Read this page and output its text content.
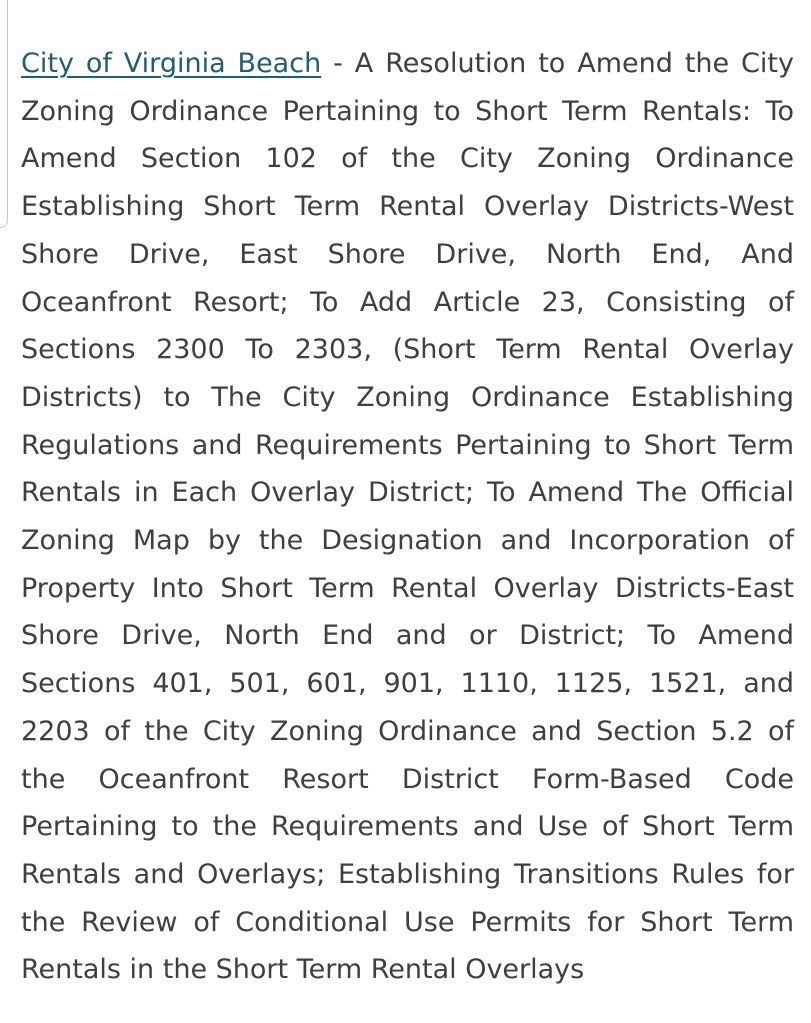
City of Virginia Beach - A Resolution to Amend the City Zoning Ordinance Pertaining to Short Term Rentals: To Amend Section 102 of the City Zoning Ordinance Establishing Short Term Rental Overlay Districts-West Shore Drive, East Shore Drive, North End, And Oceanfront Resort; To Add Article 23, Consisting of Sections 2300 To 2303, (Short Term Rental Overlay Districts) to The City Zoning Ordinance Establishing Regulations and Requirements Pertaining to Short Term Rentals in Each Overlay District; To Amend The Official Zoning Map by the Designation and Incorporation of Property Into Short Term Rental Overlay Districts-East Shore Drive, North End and or District; To Amend Sections 401, 501, 601, 901, 1110, 1125, 1521, and 2203 of the City Zoning Ordinance and Section 5.2 of the Oceanfront Resort District Form-Based Code Pertaining to the Requirements and Use of Short Term Rentals and Overlays; Establishing Transitions Rules for the Review of Conditional Use Permits for Short Term Rentals in the Short Term Rental Overlays
